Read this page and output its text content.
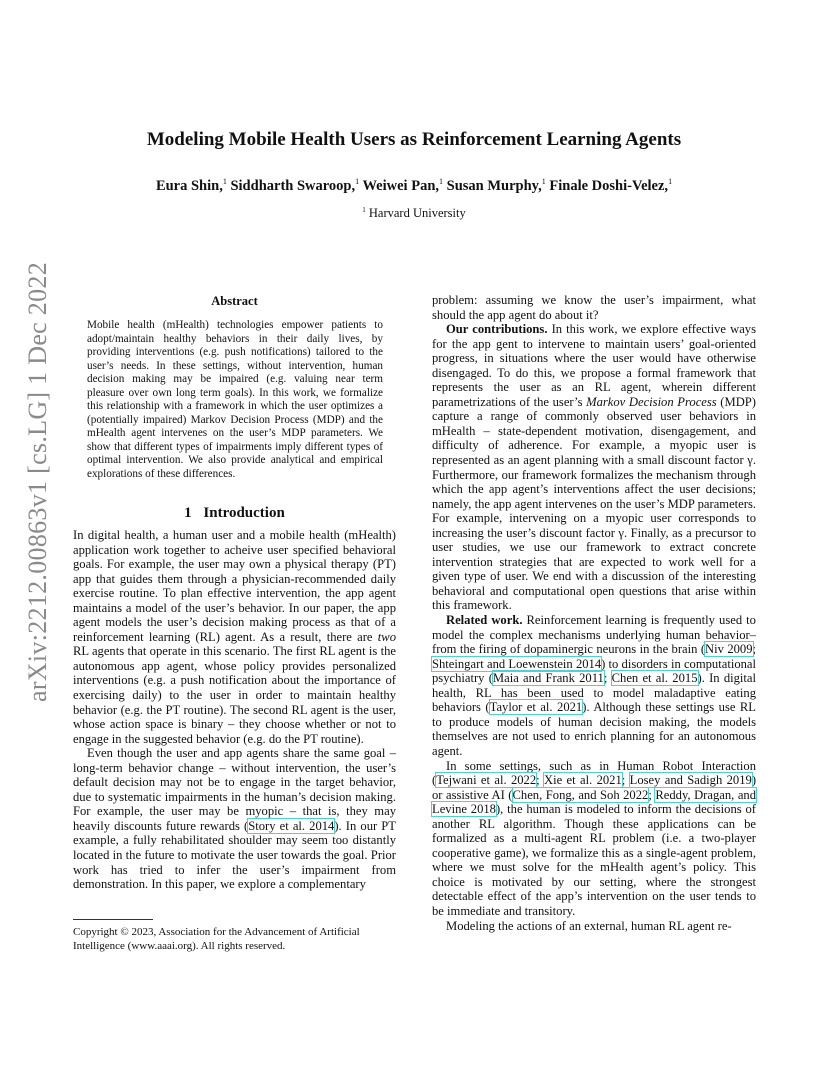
arXiv:2212.00863v1 [cs.LG] 1 Dec 2022
Modeling Mobile Health Users as Reinforcement Learning Agents
Eura Shin,$^1$ Siddharth Swaroop,$^1$ Weiwei Pan,$^1$ Susan Murphy,$^1$ Finale Doshi-Velez,$^1$
$^1$ Harvard University
Abstract
Mobile health (mHealth) technologies empower patients to adopt/maintain healthy behaviors in their daily lives, by providing interventions (e.g. push notifications) tailored to the user’s needs. In these settings, without intervention, human decision making may be impaired (e.g. valuing near term pleasure over own long term goals). In this work, we formalize this relationship with a framework in which the user optimizes a (potentially impaired) Markov Decision Process (MDP) and the mHealth agent intervenes on the user’s MDP parameters. We show that different types of impairments imply different types of optimal intervention. We also provide analytical and empirical explorations of these differences.
1 Introduction

In digital health, a human user and a mobile health (mHealth) application work together to acheive user specified behavioral goals. For example, the user may own a physical therapy (PT) app that guides them through a physician-recommended daily exercise routine. To plan effective intervention, the app agent maintains a model of the user’s behavior. In our paper, the app agent models the user’s decision making process as that of a reinforcement learning (RL) agent. As a result, there are two RL agents that operate in this scenario. The first RL agent is the autonomous app agent, whose policy provides personalized interventions (e.g. a push notification about the importance of exercising daily) to the user in order to maintain healthy behavior (e.g. the PT routine). The second RL agent is the user, whose action space is binary – they choose whether or not to engage in the suggested behavior (e.g. do the PT routine).

Even though the user and app agents share the same goal – long-term behavior change – without intervention, the user’s default decision may not be to engage in the target behavior, due to systematic impairments in the human’s decision making. For example, the user may be myopic – that is, they may heavily discounts future rewards (Story et al. 2014). In our PT example, a fully rehabilitated shoulder may seem too distantly located in the future to motivate the user towards the goal. Prior work has tried to infer the user’s impairment from demonstration. In this paper, we explore a complementary

problem: assuming we know the user’s impairment, what should the app agent do about it?

Our contributions. In this work, we explore effective ways for the app gent to intervene to maintain users’ goal-oriented progress, in situations where the user would have otherwise disengaged. To do this, we propose a formal framework that represents the user as an RL agent, wherein different parametrizations of the user’s Markov Decision Process (MDP) capture a range of commonly observed user behaviors in mHealth – state-dependent motivation, disengagement, and difficulty of adherence. For example, a myopic user is represented as an agent planning with a small discount factor γ. Furthermore, our framework formalizes the mechanism through which the app agent’s interventions affect the user decisions; namely, the app agent intervenes on the user’s MDP parameters. For example, intervening on a myopic user corresponds to increasing the user’s discount factor γ. Finally, as a precursor to user studies, we use our framework to extract concrete intervention strategies that are expected to work well for a given type of user. We end with a discussion of the interesting behavioral and computational open questions that arise within this framework.

Related work. Reinforcement learning is frequently used to model the complex mechanisms underlying human behavior– from the firing of dopaminergic neurons in the brain (Niv 2009; Shteingart and Loewenstein 2014) to disorders in computational psychiatry (Maia and Frank 2011; Chen et al. 2015). In digital health, RL has been used to model maladaptive eating behaviors (Taylor et al. 2021). Although these settings use RL to produce models of human decision making, the models themselves are not used to enrich planning for an autonomous agent.

In some settings, such as in Human Robot Interaction (Tejwani et al. 2022; Xie et al. 2021; Losey and Sadigh 2019) or assistive AI (Chen, Fong, and Soh 2022; Reddy, Dragan, and Levine 2018), the human is modeled to inform the decisions of another RL algorithm. Though these applications can be formalized as a multi-agent RL problem (i.e. a two-player cooperative game), we formalize this as a single-agent problem, where we must solve for the mHealth agent’s policy. This choice is motivated by our setting, where the strongest detectable effect of the app’s intervention on the user tends to be immediate and transitory.

Modeling the actions of an external, human RL agent re-

Copyright © 2023, Association for the Advancement of Artificial Intelligence (www.aaai.org). All rights reserved.
